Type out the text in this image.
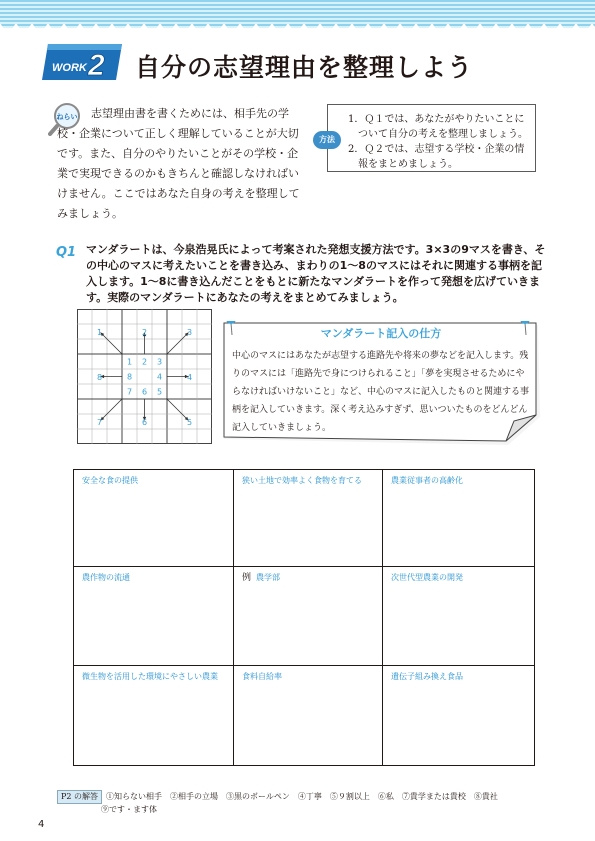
WORK 2 自分の志望理由を整理しよう
ねらい	志望理由書を書くためには、相手先の学校・企業について正しく理解していることが大切です。また、自分のやりたいことがその学校・企業で実現できるのかもきちんと確認しなければいけません。ここではあなた自身の考えを整理してみましょう。
方法
1．Ｑ１では、あなたがやりたいことについて自分の考えを整理しましょう。
2．Ｑ２では、志望する学校・企業の情報をまとめましょう。
Q1 マンダラートは、今泉浩晃氏によって考案された発想支援方法です。3×3の9マスを書き、その中心のマスに考えたいことを書き込み、まわりの1～8のマスにはそれに関連する事柄を記入します。1～8に書き込んだことをもとに新たなマンダラートを作って発想を広げていきます。実際のマンダラートにあなたの考えをまとめてみましょう。
1	2	3
8	4
7	6	5
1 2 3
8	4
7 6 5
マンダラート記入の仕方
中心のマスにはあなたが志望する進路先や将来の夢などを記入します。残りのマスには「進路先で身につけられること」「夢を実現させるためにやらなければいけないこと」など、中心のマスに記入したものと関連する事柄を記入していきます。深く考え込みすぎず、思いついたものをどんどん記入していきましょう。
安全な食の提供	狭い土地で効率よく食物を育てる	農業従事者の高齢化
農作物の流通	例 農学部	次世代型農業の開発
微生物を活用した環境にやさしい農業	食料自給率	遺伝子組み換え食品
P2 の解答 ①知らない相手　②相手の立場　③黒のボールペン　④丁寧　⑤９割以上　⑥私　⑦貴学または貴校　⑧貴社
⑨です・ます体
4
